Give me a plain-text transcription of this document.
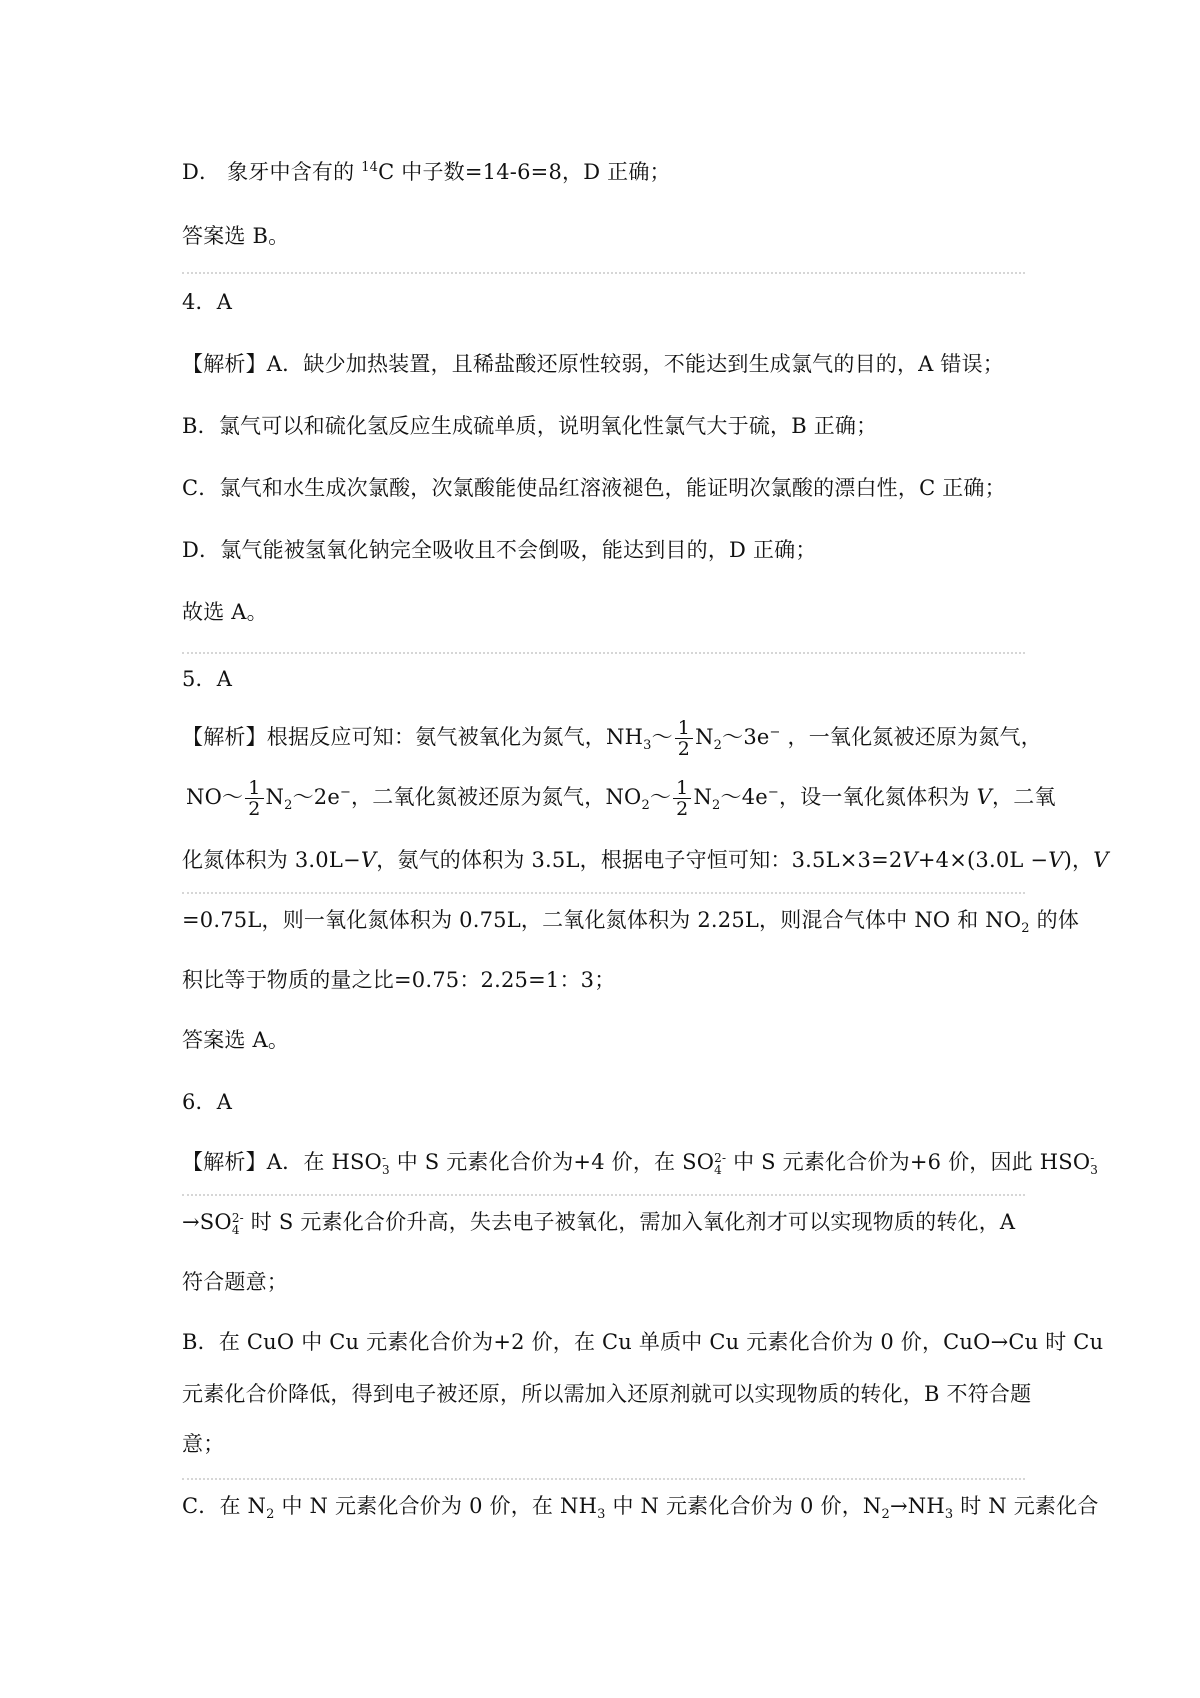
D． 象牙中含有的 $^{14}$C 中子数=14-6=8，D 正确；
答案选 B。
4．A
【解析】A．缺少加热装置，且稀盐酸还原性较弱，不能达到生成氯气的目的，A 错误；
B．氯气可以和硫化氢反应生成硫单质，说明氧化性氯气大于硫，B 正确；
C．氯气和水生成次氯酸，次氯酸能使品红溶液褪色，能证明次氯酸的漂白性，C 正确；
D．氯气能被氢氧化钠完全吸收且不会倒吸，能达到目的，D 正确；
故选 A。
5．A
【解析】根据反应可知：氨气被氧化为氮气，$NH_3\sim \frac{1}{2}$ $N_2\sim 3e^-$ ，一氧化氮被还原为氮气，
NO～ $\frac{1}{2}$ $N_2\sim 2e^-$，二氧化氮被还原为氮气，$NO_2\sim \frac{1}{2}$ $N_2\sim 4e^-$，设一氧化氮体积为 V，二氧
化氮体积为 3.0L−V，氨气的体积为 3.5L，根据电子守恒可知：3.5L×3=2V+4×(3.0L −V)，V
=0.75L，则一氧化氮体积为 0.75L，二氧化氮体积为 2.25L，则混合气体中 NO 和 $NO_2$ 的体
积比等于物质的量之比=0.75：2.25=1：3；
答案选 A。
6．A
【解析】A．在 HSO -
3 中 S 元素化合价为+4 价，在 SO 2-
4 中 S 元素化合价为+6 价，因此 HSO -
3
→SO 2-
4 时 S 元素化合价升高，失去电子被氧化，需加入氧化剂才可以实现物质的转化，A
符合题意；
B．在 CuO 中 Cu 元素化合价为+2 价，在 Cu 单质中 Cu 元素化合价为 0 价，CuO→Cu 时 Cu
元素化合价降低，得到电子被还原，所以需加入还原剂就可以实现物质的转化，B 不符合题
意；
C．在 $N_2$ 中 N 元素化合价为 0 价，在 $NH_3$ 中 N 元素化合价为 0 价，$N_2\to NH_3$ 时 N 元素化合
